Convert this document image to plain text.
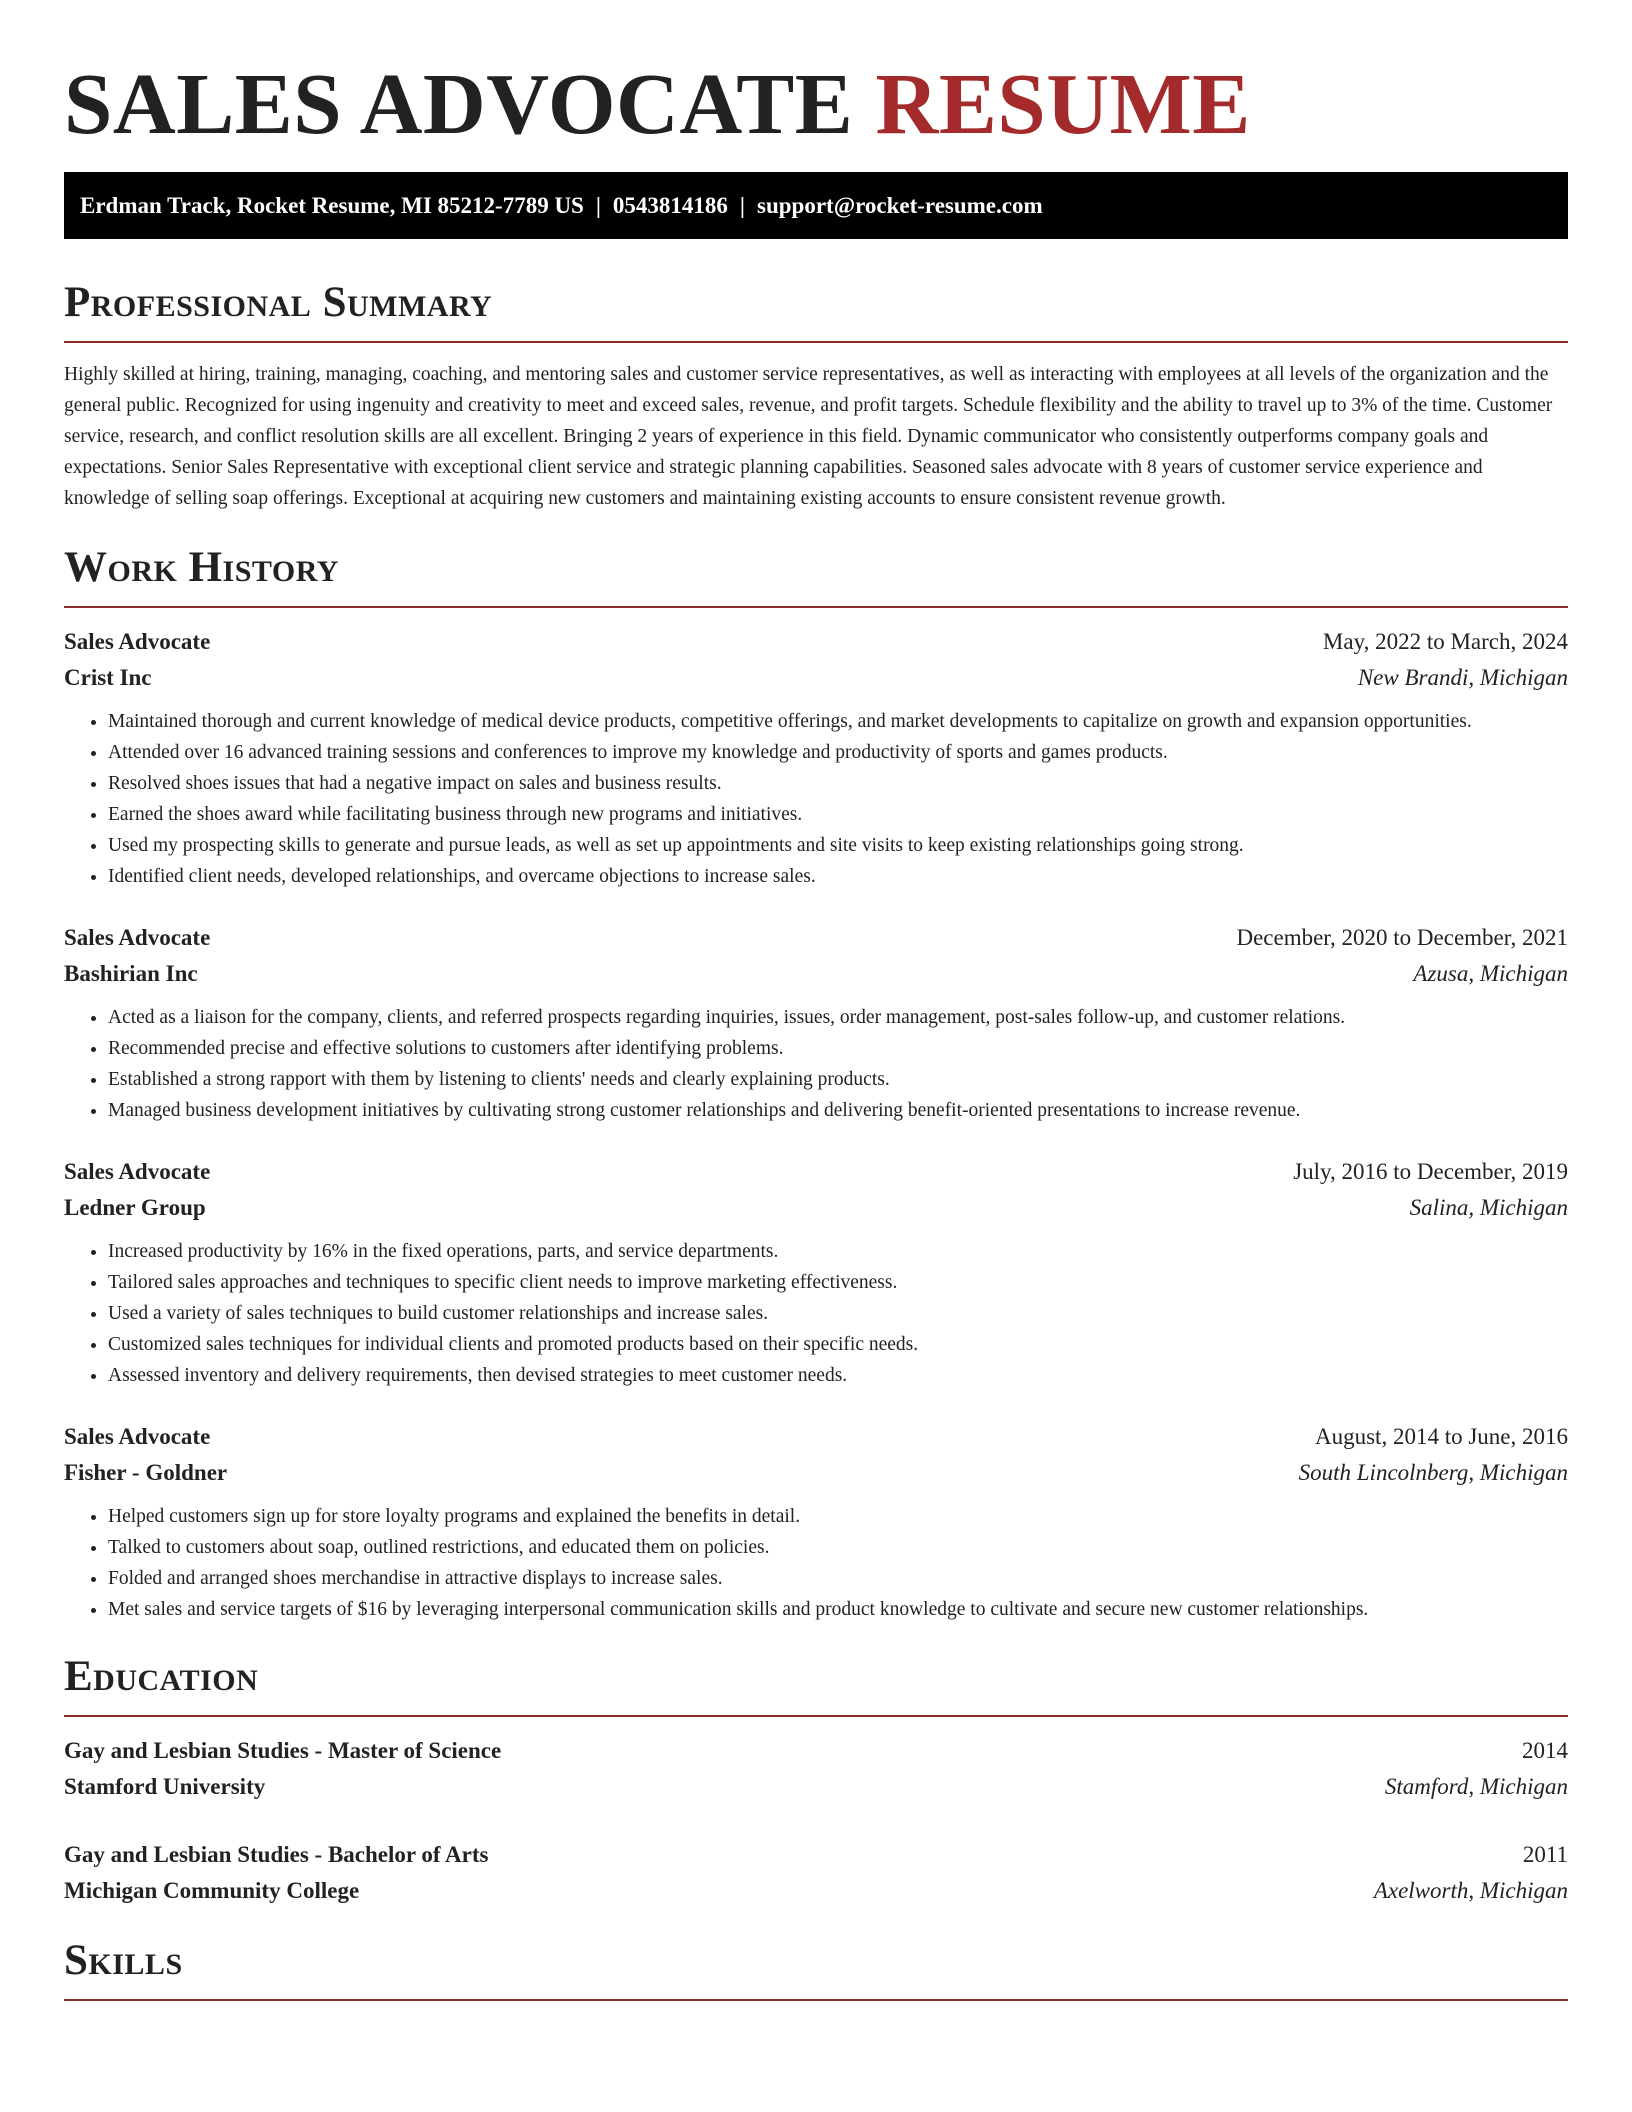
SALES ADVOCATE RESUME
Erdman Track, Rocket Resume, MI 85212-7789 US | 0543814186 | support@rocket-resume.com
Professional Summary

Highly skilled at hiring, training, managing, coaching, and mentoring sales and customer service representatives, as well as interacting with employees at all levels of the organization and the general public. Recognized for using ingenuity and creativity to meet and exceed sales, revenue, and profit targets. Schedule flexibility and the ability to travel up to 3% of the time. Customer service, research, and conflict resolution skills are all excellent. Bringing 2 years of experience in this field. Dynamic communicator who consistently outperforms company goals and expectations. Senior Sales Representative with exceptional client service and strategic planning capabilities. Seasoned sales advocate with 8 years of customer service experience and knowledge of selling soap offerings. Exceptional at acquiring new customers and maintaining existing accounts to ensure consistent revenue growth.

Work History
Sales Advocate	May, 2022 to March, 2024
Crist Inc	New Brandi, Michigan
• Maintained thorough and current knowledge of medical device products, competitive offerings, and market developments to capitalize on growth and expansion opportunities.
• Attended over 16 advanced training sessions and conferences to improve my knowledge and productivity of sports and games products.
• Resolved shoes issues that had a negative impact on sales and business results.
• Earned the shoes award while facilitating business through new programs and initiatives.
• Used my prospecting skills to generate and pursue leads, as well as set up appointments and site visits to keep existing relationships going strong.
• Identified client needs, developed relationships, and overcame objections to increase sales.
Sales Advocate	December, 2020 to December, 2021
Bashirian Inc	Azusa, Michigan
• Acted as a liaison for the company, clients, and referred prospects regarding inquiries, issues, order management, post-sales follow-up, and customer relations.
• Recommended precise and effective solutions to customers after identifying problems.
• Established a strong rapport with them by listening to clients' needs and clearly explaining products.
• Managed business development initiatives by cultivating strong customer relationships and delivering benefit-oriented presentations to increase revenue.
Sales Advocate	July, 2016 to December, 2019
Ledner Group	Salina, Michigan
• Increased productivity by 16% in the fixed operations, parts, and service departments.
• Tailored sales approaches and techniques to specific client needs to improve marketing effectiveness.
• Used a variety of sales techniques to build customer relationships and increase sales.
• Customized sales techniques for individual clients and promoted products based on their specific needs.
• Assessed inventory and delivery requirements, then devised strategies to meet customer needs.
Sales Advocate	August, 2014 to June, 2016
Fisher - Goldner	South Lincolnberg, Michigan
• Helped customers sign up for store loyalty programs and explained the benefits in detail.
• Talked to customers about soap, outlined restrictions, and educated them on policies.
• Folded and arranged shoes merchandise in attractive displays to increase sales.
• Met sales and service targets of $16 by leveraging interpersonal communication skills and product knowledge to cultivate and secure new customer relationships.
Education
Gay and Lesbian Studies - Master of Science	2014
Stamford University	Stamford, Michigan
Gay and Lesbian Studies - Bachelor of Arts	2011
Michigan Community College	Axelworth, Michigan
Skills
